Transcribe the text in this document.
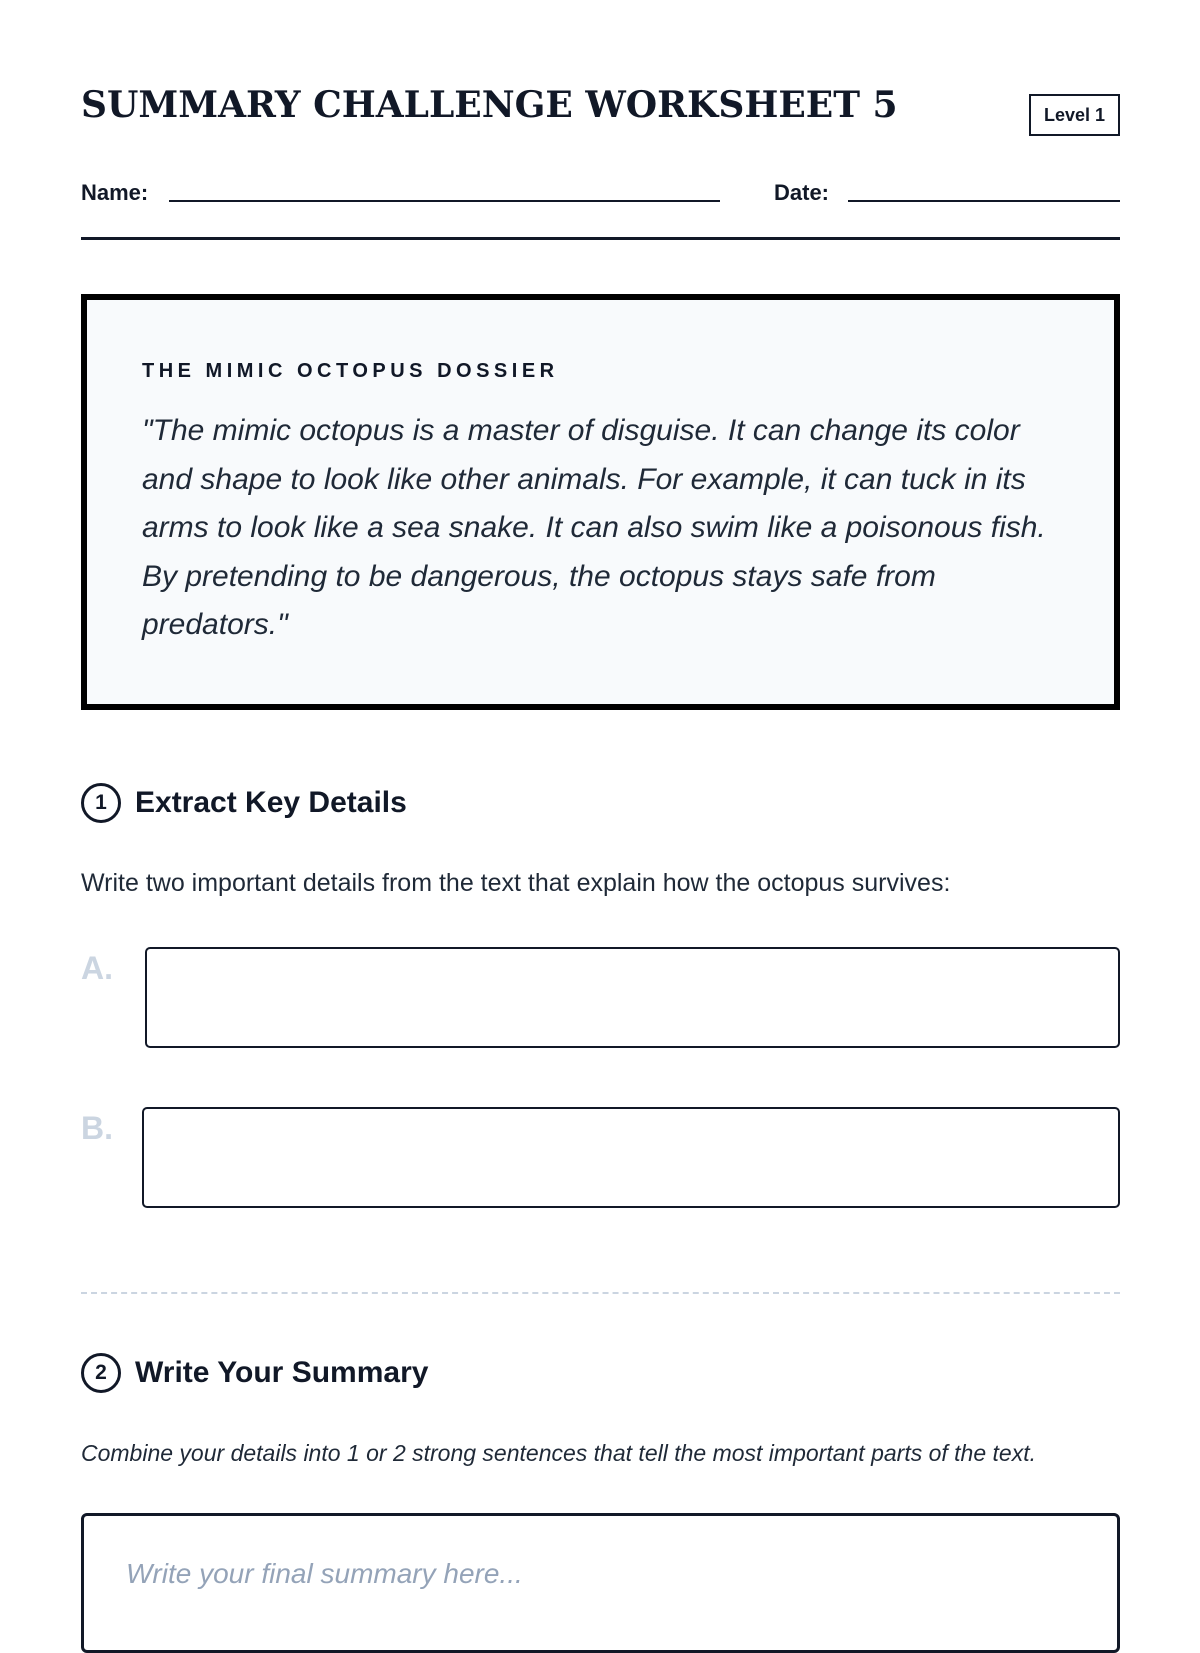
SUMMARY CHALLENGE WORKSHEET 5	Level 1
Name:	Date:
THE MIMIC OCTOPUS DOSSIER

"The mimic octopus is a master of disguise. It can change its color and shape to look like other animals. For example, it can tuck in its arms to look like a sea snake. It can also swim like a poisonous fish. By pretending to be dangerous, the octopus stays safe from predators."

1 Extract Key Details

Write two important details from the text that explain how the octopus survives:

A.
B.
2 Write Your Summary

Combine your details into 1 or 2 strong sentences that tell the most important parts of the text.

Write your final summary here...
